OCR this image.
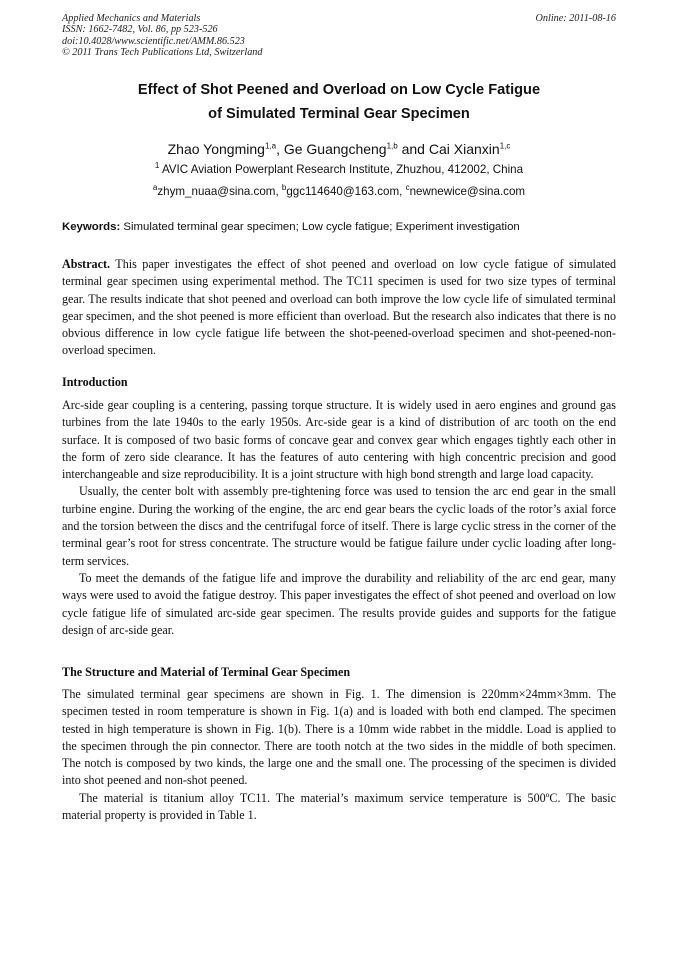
Applied Mechanics and Materials
ISSN: 1662-7482, Vol. 86, pp 523-526
doi:10.4028/www.scientific.net/AMM.86.523
© 2011 Trans Tech Publications Ltd, Switzerland
Online: 2011-08-16
Effect of Shot Peened and Overload on Low Cycle Fatigue
of Simulated Terminal Gear Specimen
Zhao Yongming$^{1,a}$, Ge Guangcheng$^{1,b}$ and Cai Xianxin$^{1,c}$
$^1$ AVIC Aviation Powerplant Research Institute, Zhuzhou, 412002, China
$^a$zhym_nuaa@sina.com, $^b$ggc114640@163.com, $^c$newnewice@sina.com
Keywords: Simulated terminal gear specimen; Low cycle fatigue; Experiment investigation

Abstract. This paper investigates the effect of shot peened and overload on low cycle fatigue of simulated terminal gear specimen using experimental method. The TC11 specimen is used for two size types of terminal gear. The results indicate that shot peened and overload can both improve the low cycle life of simulated terminal gear specimen, and the shot peened is more efficient than overload. But the research also indicates that there is no obvious difference in low cycle fatigue life between the shot-peened-overload specimen and shot-peened-non-overload specimen.

Introduction

Arc-side gear coupling is a centering, passing torque structure. It is widely used in aero engines and ground gas turbines from the late 1940s to the early 1950s. Arc-side gear is a kind of distribution of arc tooth on the end surface. It is composed of two basic forms of concave gear and convex gear which engages tightly each other in the form of zero side clearance. It has the features of auto centering with high concentric precision and good interchangeable and size reproducibility. It is a joint structure with high bond strength and large load capacity.

Usually, the center bolt with assembly pre-tightening force was used to tension the arc end gear in the small turbine engine. During the working of the engine, the arc end gear bears the cyclic loads of the rotor’s axial force and the torsion between the discs and the centrifugal force of itself. There is large cyclic stress in the corner of the terminal gear’s root for stress concentrate. The structure would be fatigue failure under cyclic loading after long-term services.

To meet the demands of the fatigue life and improve the durability and reliability of the arc end gear, many ways were used to avoid the fatigue destroy. This paper investigates the effect of shot peened and overload on low cycle fatigue life of simulated arc-side gear specimen. The results provide guides and supports for the fatigue design of arc-side gear.

The Structure and Material of Terminal Gear Specimen

The simulated terminal gear specimens are shown in Fig. 1. The dimension is 220mm×24mm×3mm. The specimen tested in room temperature is shown in Fig. 1(a) and is loaded with both end clamped. The specimen tested in high temperature is shown in Fig. 1(b). There is a 10mm wide rabbet in the middle. Load is applied to the specimen through the pin connector. There are tooth notch at the two sides in the middle of both specimen. The notch is composed by two kinds, the large one and the small one. The processing of the specimen is divided into shot peened and non-shot peened.

The material is titanium alloy TC11. The material’s maximum service temperature is 500ºC. The basic material property is provided in Table 1.
